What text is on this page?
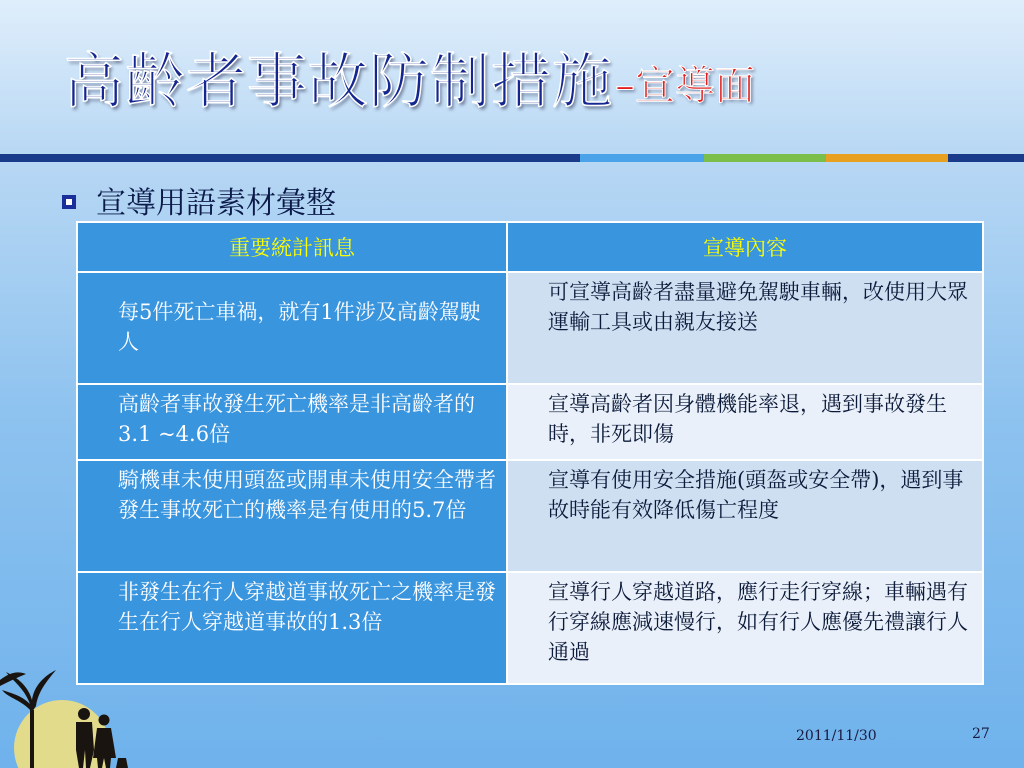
高齡者事故防制措施 –宣導面
宣導用語素材彙整
重要統計訊息	宣導內容
每5件死亡車禍，就有1件涉及高齡駕駛人	可宣導高齡者盡量避免駕駛車輛，改使用大眾運輸工具或由親友接送
高齡者事故發生死亡機率是非高齡者的3.1 ~4.6倍	宣導高齡者因身體機能率退，遇到事故發生時，非死即傷
騎機車未使用頭盔或開車未使用安全帶者發生事故死亡的機率是有使用的5.7倍	宣導有使用安全措施(頭盔或安全帶)，遇到事故時能有效降低傷亡程度
非發生在行人穿越道事故死亡之機率是發生在行人穿越道事故的1.3倍	宣導行人穿越道路，應行走行穿線；車輛遇有行穿線應減速慢行，如有行人應優先禮讓行人通過
2011/11/30	27
